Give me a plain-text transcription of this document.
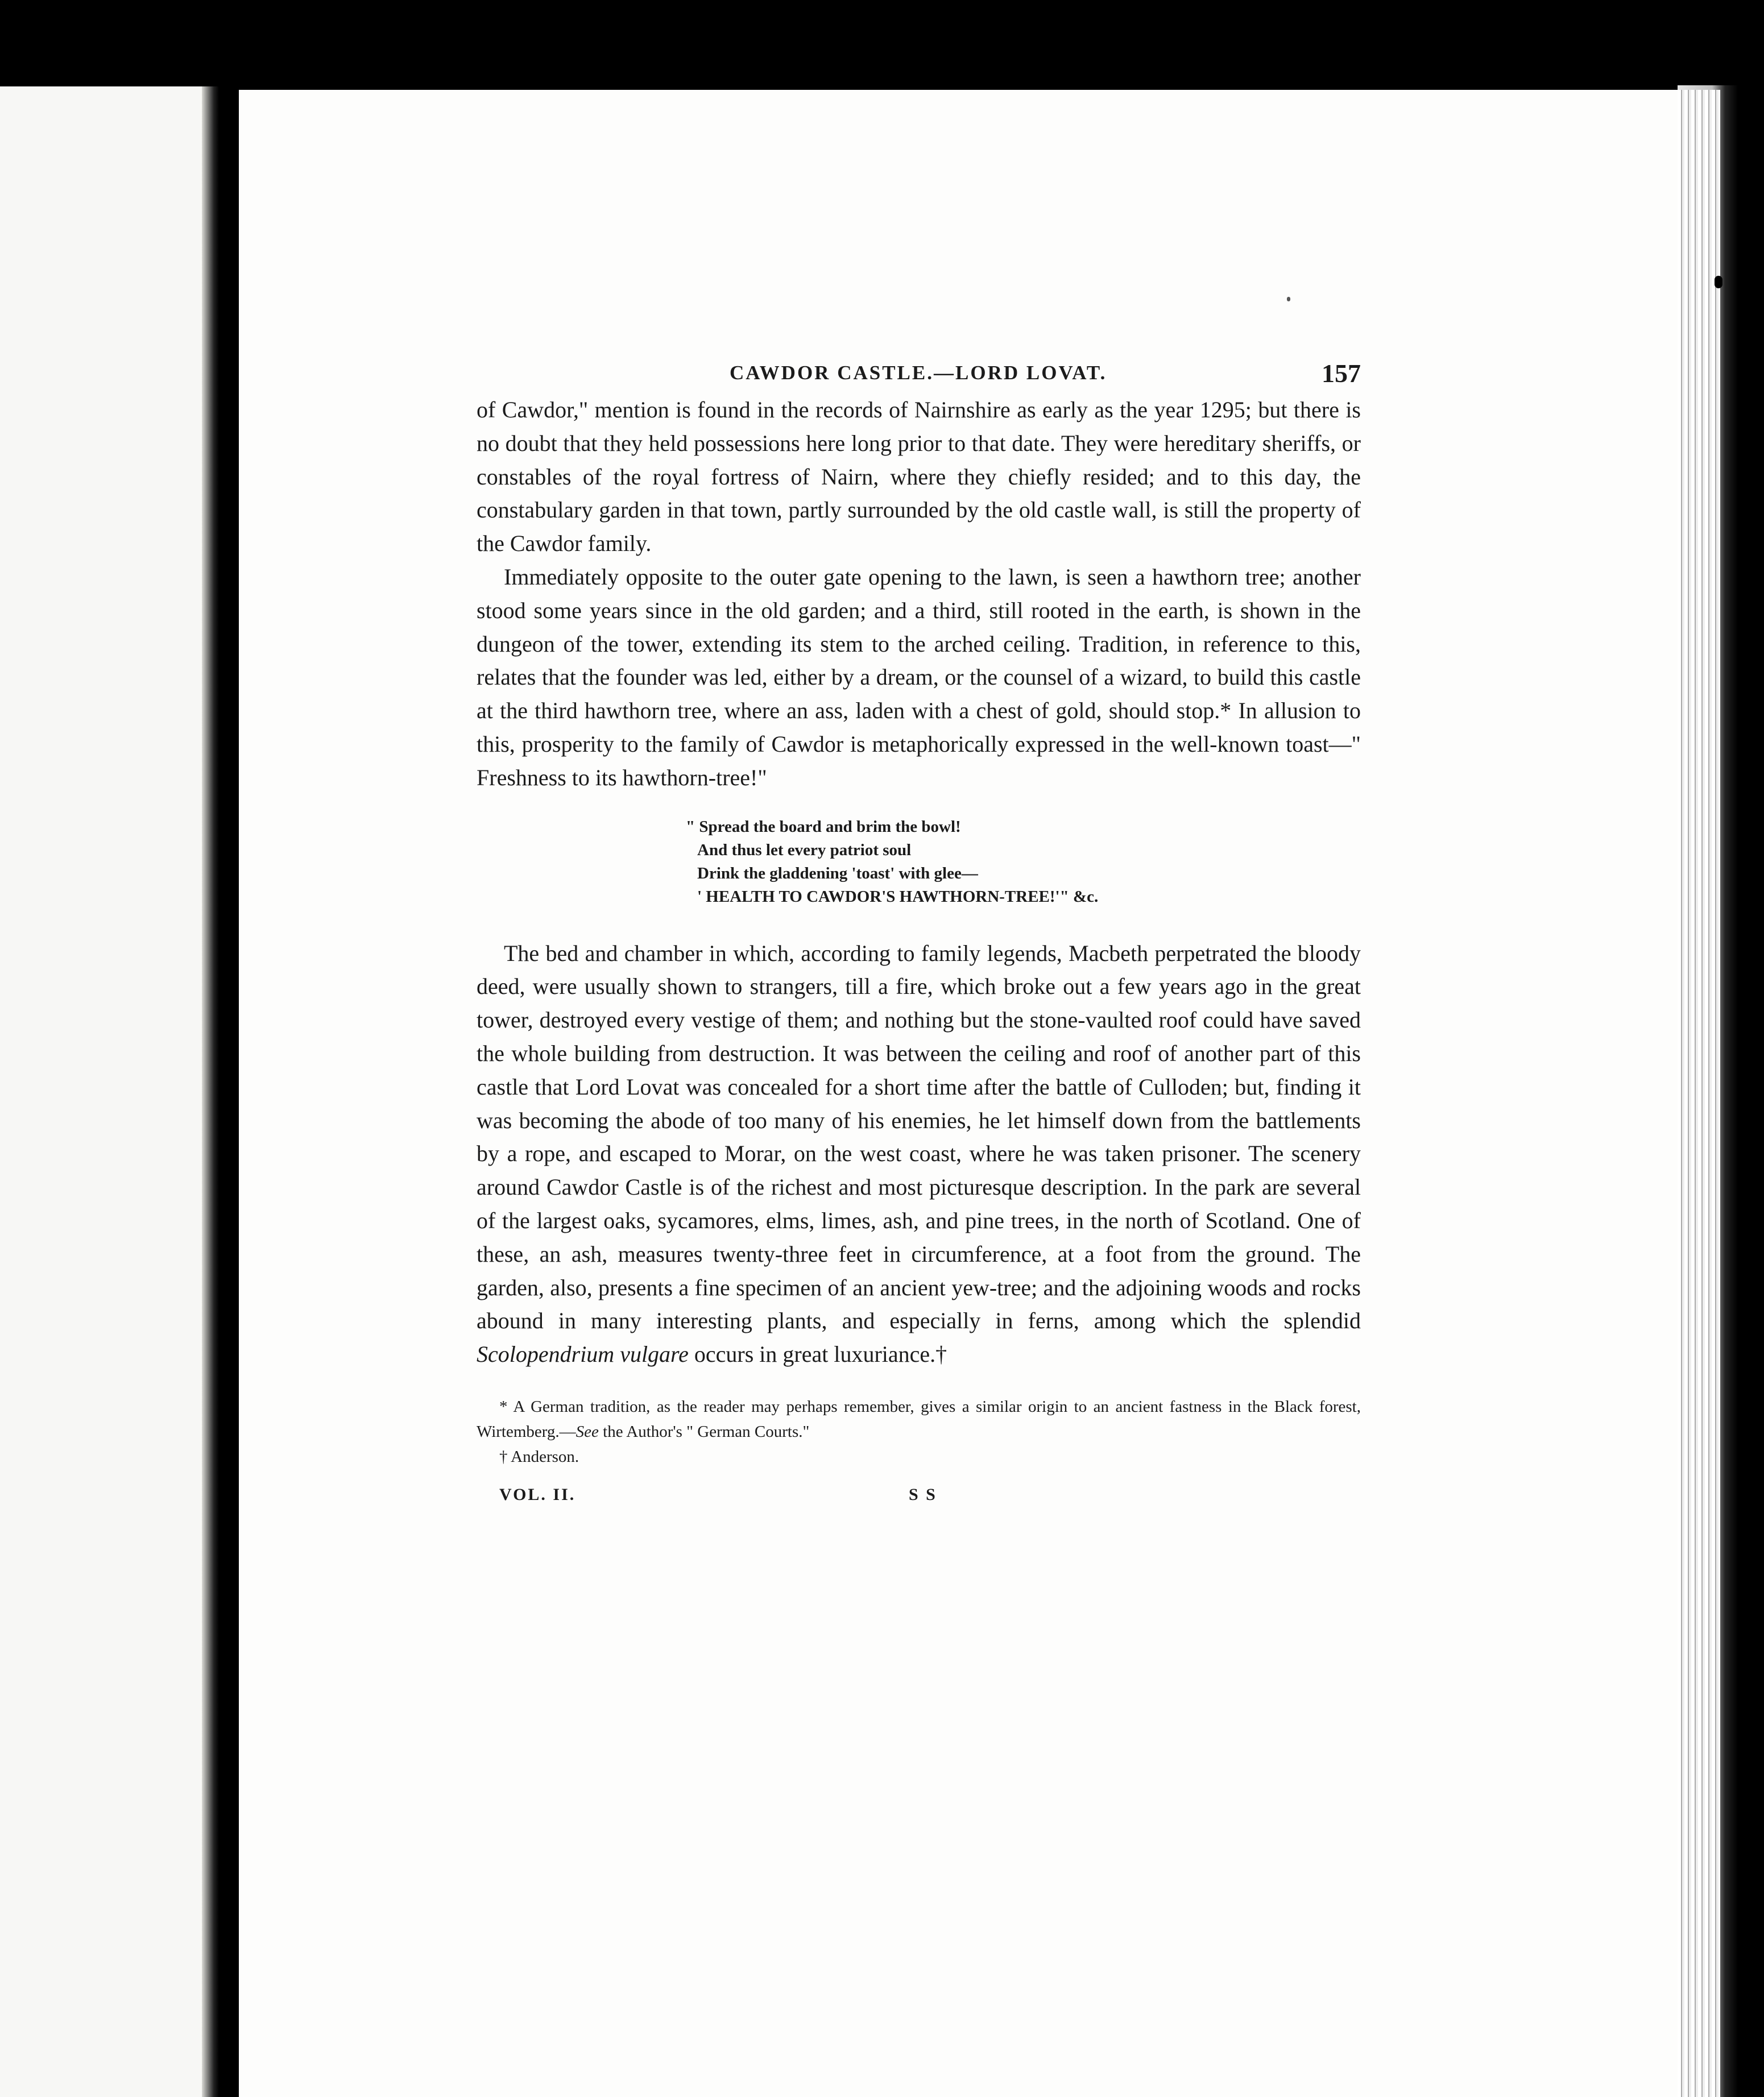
CAWDOR CASTLE.—LORD LOVAT.	157

of Cawdor," mention is found in the records of Nairnshire as early as the year 1295; but there is no doubt that they held possessions here long prior to that date. They were hereditary sheriffs, or constables of the royal fortress of Nairn, where they chiefly resided; and to this day, the constabulary garden in that town, partly surrounded by the old castle wall, is still the property of the Cawdor family.

Immediately opposite to the outer gate opening to the lawn, is seen a hawthorn tree; another stood some years since in the old garden; and a third, still rooted in the earth, is shown in the dungeon of the tower, extending its stem to the arched ceiling. Tradition, in reference to this, relates that the founder was led, either by a dream, or the counsel of a wizard, to build this castle at the third hawthorn tree, where an ass, laden with a chest of gold, should stop.* In allusion to this, prosperity to the family of Cawdor is metaphorically expressed in the well-known toast—" Freshness to its hawthorn-tree!"

" Spread the board and brim the bowl!
And thus let every patriot soul
Drink the gladdening 'toast' with glee—
' HEALTH TO CAWDOR'S HAWTHORN-TREE!'" &c.

The bed and chamber in which, according to family legends, Macbeth perpetrated the bloody deed, were usually shown to strangers, till a fire, which broke out a few years ago in the great tower, destroyed every vestige of them; and nothing but the stone-vaulted roof could have saved the whole building from destruction. It was between the ceiling and roof of another part of this castle that Lord Lovat was concealed for a short time after the battle of Culloden; but, finding it was becoming the abode of too many of his enemies, he let himself down from the battlements by a rope, and escaped to Morar, on the west coast, where he was taken prisoner. The scenery around Cawdor Castle is of the richest and most picturesque description. In the park are several of the largest oaks, sycamores, elms, limes, ash, and pine trees, in the north of Scotland. One of these, an ash, measures twenty-three feet in circumference, at a foot from the ground. The garden, also, presents a fine specimen of an ancient yew-tree; and the adjoining woods and rocks abound in many interesting plants, and especially in ferns, among which the splendid Scolopendrium vulgare occurs in great luxuriance.†

* A German tradition, as the reader may perhaps remember, gives a similar origin to an ancient fastness in the Black forest, Wirtemberg.—See the Author's " German Courts."

† Anderson.

VOL. II.	S S
